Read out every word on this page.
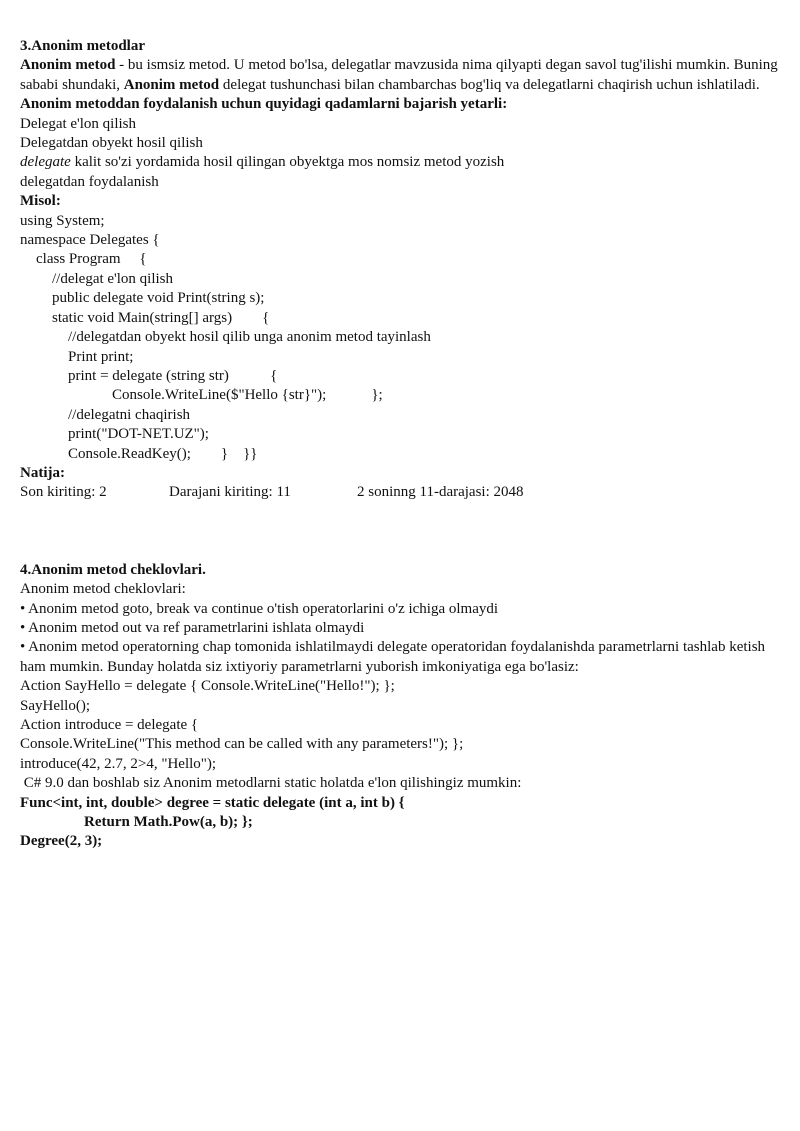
3.Anonim metodlar

Anonim metod - bu ismsiz metod. U metod bo'lsa, delegatlar mavzusida nima qilyapti degan savol tug'ilishi mumkin. Buning sababi shundaki, Anonim metod delegat tushunchasi bilan chambarchas bog'liq va delegatlarni chaqirish uchun ishlatiladi.

Anonim metoddan foydalanish uchun quyidagi qadamlarni bajarish yetarli:

Delegat e'lon qilish

Delegatdan obyekt hosil qilish

delegate kalit so'zi yordamida hosil qilingan obyektga mos nomsiz metod yozish

delegatdan foydalanish

Misol:

using System;

namespace Delegates {

class Program     {

//delegat e'lon qilish

public delegate void Print(string s);

static void Main(string[] args)        {

//delegatdan obyekt hosil qilib unga anonim metod tayinlash

Print print;

print = delegate (string str)           {

Console.WriteLine($"Hello {str}");            };

//delegatni chaqirish

print("DOT-NET.UZ");

Console.ReadKey();        }    }}

Natija:

Son kiriting: 2	Darajani kiriting: 11	2 soninng 11-darajasi: 2048

4.Anonim metod cheklovlari.

Anonim metod cheklovlari:

• Anonim metod goto, break va continue o'tish operatorlarini o'z ichiga olmaydi

• Anonim metod out va ref parametrlarini ishlata olmaydi

• Anonim metod operatorning chap tomonida ishlatilmaydi delegate operatoridan foydalanishda parametrlarni tashlab ketish ham mumkin. Bunday holatda siz ixtiyoriy parametrlarni yuborish imkoniyatiga ega bo'lasiz:

Action SayHello = delegate { Console.WriteLine("Hello!"); };

SayHello();

Action introduce = delegate {

Console.WriteLine("This method can be called with any parameters!"); };

introduce(42, 2.7, 2>4, "Hello");

C# 9.0 dan boshlab siz Anonim metodlarni static holatda e'lon qilishingiz mumkin:

Func<int, int, double> degree = static delegate (int a, int b) {

Return Math.Pow(a, b); };

Degree(2, 3);
